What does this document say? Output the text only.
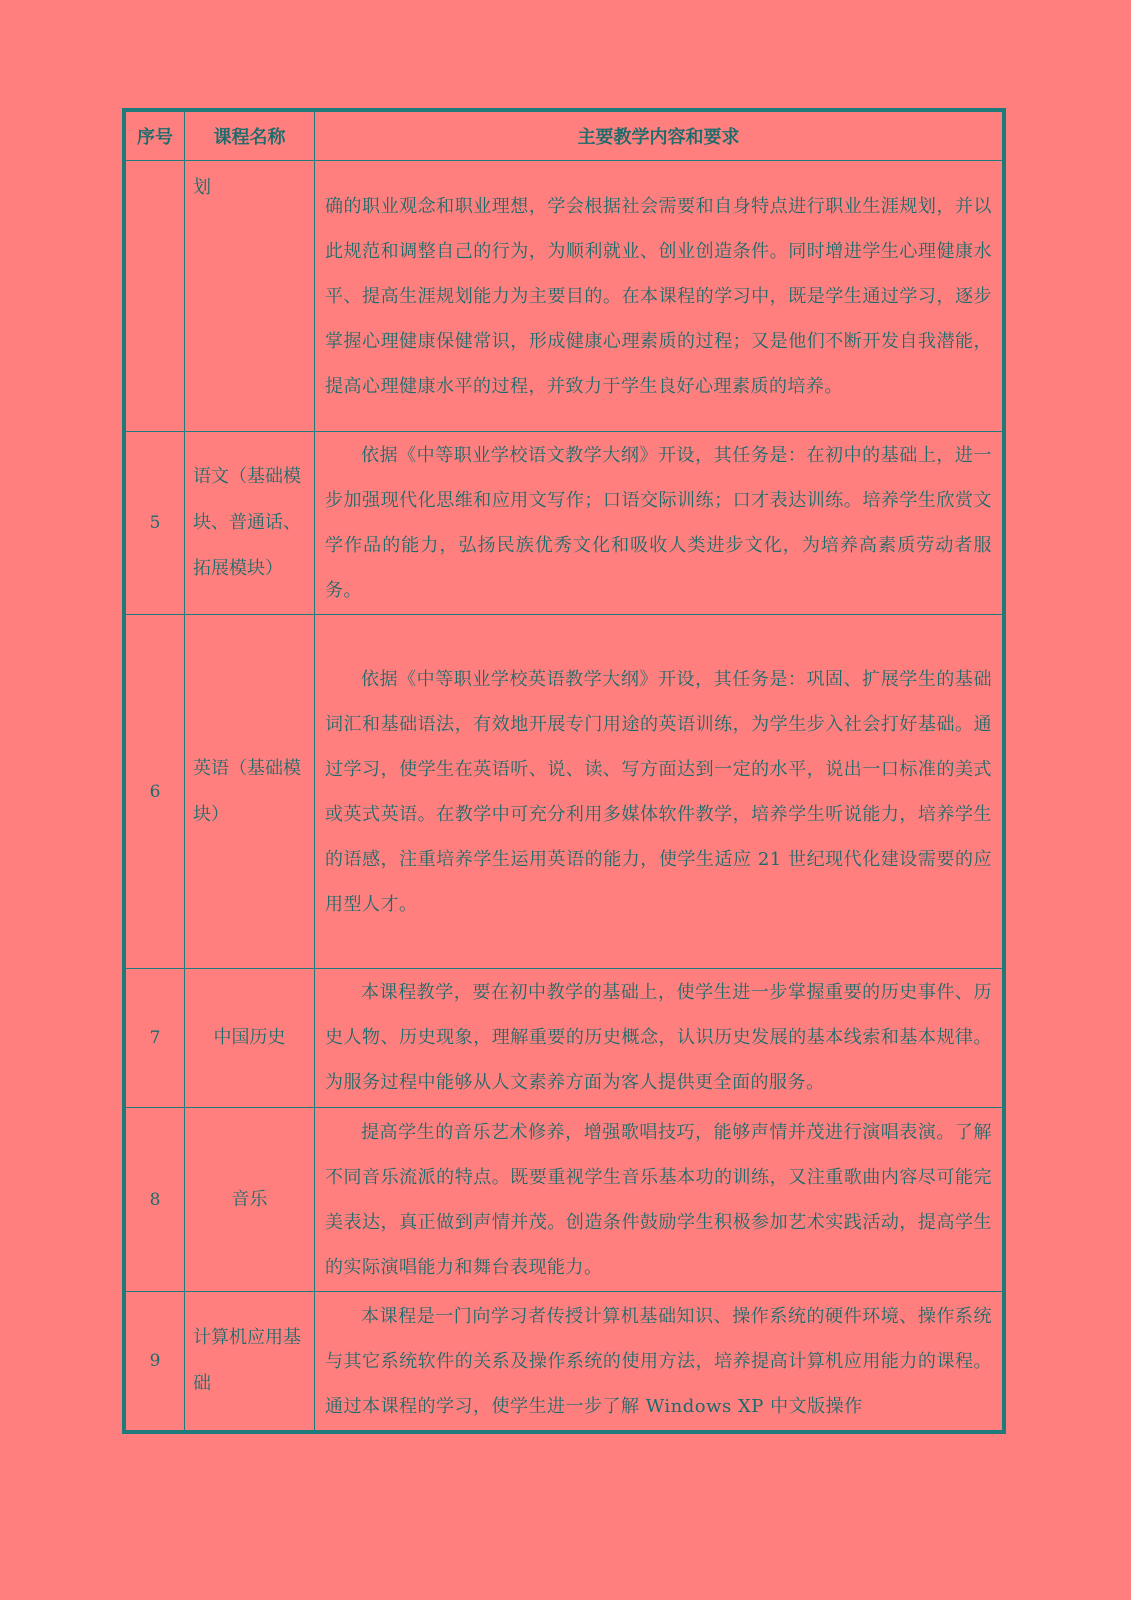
序号	课程名称	主要教学内容和要求
	划	确的职业观念和职业理想，学会根据社会需要和自身特点进行职业生涯规划，并以此规范和调整自己的行为，为顺利就业、创业创造条件。同时增进学生心理健康水平、提高生涯规划能力为主要目的。在本课程的学习中，既是学生通过学习，逐步掌握心理健康保健常识，形成健康心理素质的过程；又是他们不断开发自我潜能，提高心理健康水平的过程，并致力于学生良好心理素质的培养。

5	语文（基础模块、普通话、拓展模块）	依据《中等职业学校语文教学大纲》开设，其任务是：在初中的基础上，进一步加强现代化思维和应用文写作；口语交际训练；口才表达训练。培养学生欣赏文学作品的能力，弘扬民族优秀文化和吸收人类进步文化，为培养高素质劳动者服务。

6	英语（基础模块）	依据《中等职业学校英语教学大纲》开设，其任务是：巩固、扩展学生的基础词汇和基础语法，有效地开展专门用途的英语训练，为学生步入社会打好基础。通过学习，使学生在英语听、说、读、写方面达到一定的水平，说出一口标准的美式或英式英语。在教学中可充分利用多媒体软件教学，培养学生听说能力，培养学生的语感，注重培养学生运用英语的能力，使学生适应 21 世纪现代化建设需要的应用型人才。

7	中国历史	本课程教学，要在初中教学的基础上，使学生进一步掌握重要的历史事件、历史人物、历史现象，理解重要的历史概念，认识历史发展的基本线索和基本规律。为服务过程中能够从人文素养方面为客人提供更全面的服务。

8	音乐	提高学生的音乐艺术修养，增强歌唱技巧，能够声情并茂进行演唱表演。了解不同音乐流派的特点。既要重视学生音乐基本功的训练，又注重歌曲内容尽可能完美表达，真正做到声情并茂。创造条件鼓励学生积极参加艺术实践活动，提高学生的实际演唱能力和舞台表现能力。

9	计算机应用基础	本课程是一门向学习者传授计算机基础知识、操作系统的硬件环境、操作系统与其它系统软件的关系及操作系统的使用方法，培养提高计算机应用能力的课程。通过本课程的学习，使学生进一步了解 Windows XP 中文版操作
